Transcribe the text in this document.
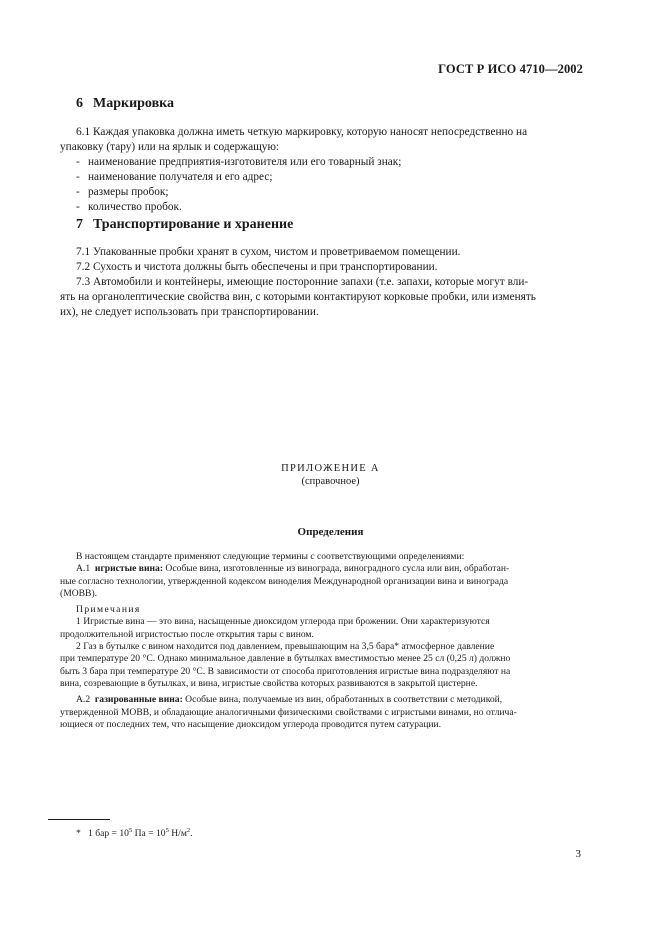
ГОСТ Р ИСО 4710—2002
6 Маркировка
6.1 Каждая упаковка должна иметь четкую маркировку, которую наносят непосредственно на
упаковку (тару) или на ярлык и содержащую:
- наименование предприятия-изготовителя или его товарный знак;
- наименование получателя и его адрес;
- размеры пробок;
- количество пробок.
7 Транспортирование и хранение
7.1 Упакованные пробки хранят в сухом, чистом и проветриваемом помещении.
7.2 Сухость и чистота должны быть обеспечены и при транспортировании.
7.3 Автомобили и контейнеры, имеющие посторонние запахи (т.е. запахи, которые могут вли-
ять на органолептические свойства вин, с которыми контактируют корковые пробки, или изменять
их), не следует использовать при транспортировании.
ПРИЛОЖЕНИЕ А
(справочное)
Определения
В настоящем стандарте применяют следующие термины с соответствующими определениями:
А.1 игристые вина: Особые вина, изготовленные из винограда, виноградного сусла или вин, обработан-
ные согласно технологии, утвержденной кодексом виноделия Международной организации вина и винограда
(МОВВ).
Примечания
1 Игристые вина — это вина, насыщенные диоксидом углерода при брожении. Они характеризуются
продолжительной игристостью после открытия тары с вином.
2 Газ в бутылке с вином находится под давлением, превышающим на 3,5 бара* атмосферное давление
при температуре 20 °С. Однако минимальное давление в бутылках вместимостью менее 25 сл (0,25 л) должно
быть 3 бара при температуре 20 °С. В зависимости от способа приготовления игристые вина подразделяют на
вина, созревающие в бутылках, и вина, игристые свойства которых развиваются в закрытой цистерне.
А.2 газированные вина: Особые вина, получаемые из вин, обработанных в соответствии с методикой,
утвержденной МОВВ, и обладающие аналогичными физическими свойствами с игристыми винами, но отлича-
ющиеся от последних тем, что насыщение диоксидом углерода проводится путем сатурации.
* 1 бар = $10^5$ Па = $10^5$ $Н/м^2$.
3
